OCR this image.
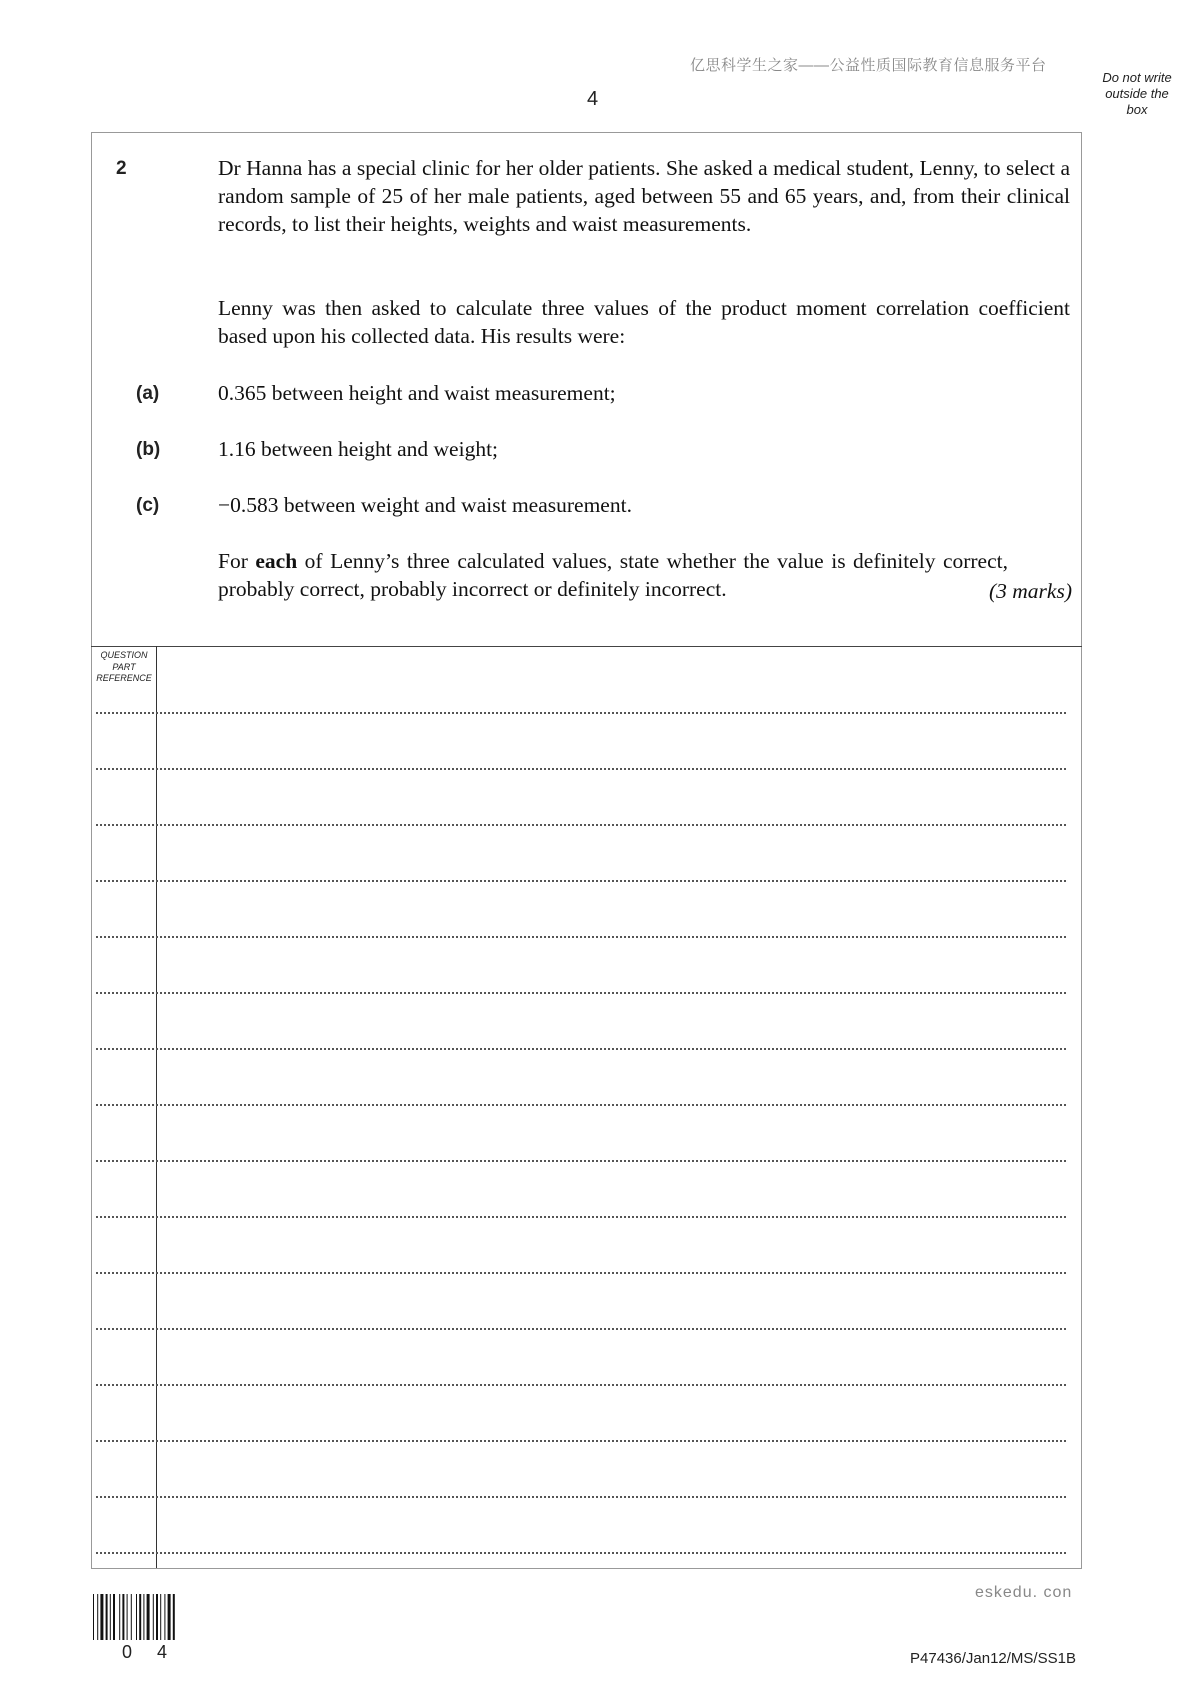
亿思科学生之家——公益性质国际教育信息服务平台
4
Do not write
outside the
box
2	Dr Hanna has a special clinic for her older patients. She asked a medical student, Lenny, to select a random sample of 25 of her male patients, aged between 55 and 65 years, and, from their clinical records, to list their heights, weights and waist measurements.
Lenny was then asked to calculate three values of the product moment correlation coefficient based upon his collected data. His results were:
(a)	0.365 between height and waist measurement;
(b)	1.16 between height and weight;
(c)	−0.583 between weight and waist measurement.
For each of Lenny’s three calculated values, state whether the value is definitely correct, probably correct, probably incorrect or definitely incorrect.	(3 marks)
QUESTION
PART
REFERENCE
eskedu. con
0 4	P47436/Jan12/MS/SS1B
